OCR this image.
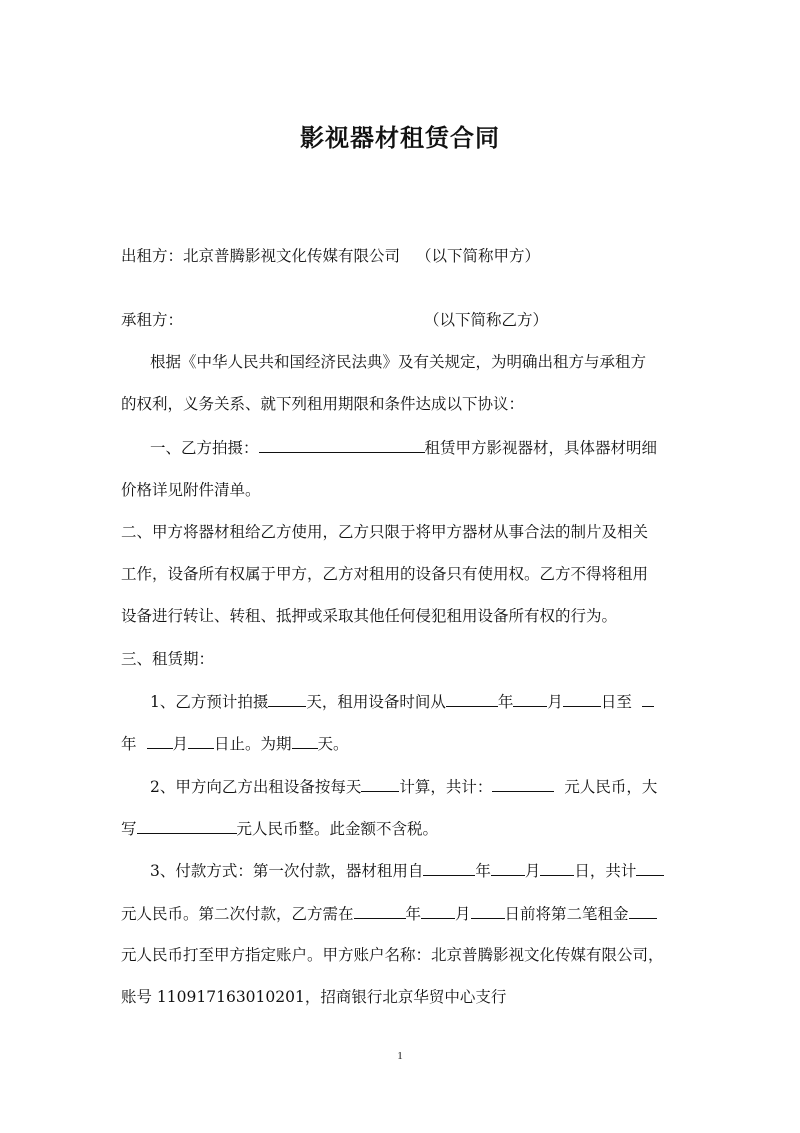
影视器材租赁合同
出租方：北京普腾影视文化传媒有限公司 （以下简称甲方）
承租方：	（以下简称乙方）
根据《中华人民共和国经济民法典》及有关规定，为明确出租方与承租方
的权利，义务关系、就下列租用期限和条件达成以下协议：
一、乙方拍摄：	租赁甲方影视器材，具体器材明细
价格详见附件清单。
二、甲方将器材租给乙方使用，乙方只限于将甲方器材从事合法的制片及相关
工作，设备所有权属于甲方，乙方对租用的设备只有使用权。乙方不得将租用
设备进行转让、转租、抵押或采取其他任何侵犯租用设备所有权的行为。
三、租赁期：
1、乙方预计拍摄 天，租用设备时间从	年 月 日至
年 月 日止。为期 天。
2、甲方向乙方出租设备按每天 计算，共计：	元人民币，大
写	元人民币整。此金额不含税。
3、付款方式：第一次付款，器材租用自	年 月 日，共计
元人民币。第二次付款，乙方需在	年 月 日前将第二笔租金
元人民币打至甲方指定账户。甲方账户名称：北京普腾影视文化传媒有限公司，
账号 110917163010201，招商银行北京华贸中心支行
1
